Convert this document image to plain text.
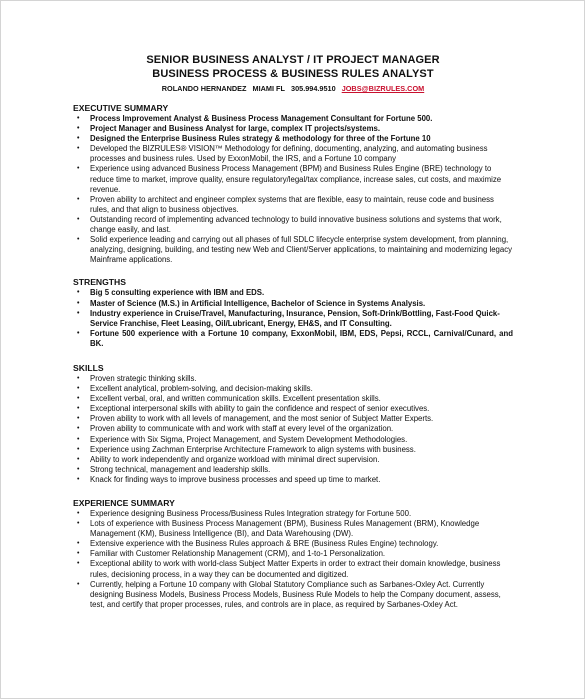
SENIOR BUSINESS ANALYST / IT PROJECT MANAGER
BUSINESS PROCESS & BUSINESS RULES ANALYST
ROLANDO HERNANDEZ MIAMI FL 305.994.9510 JOBS@BIZRULES.COM
EXECUTIVE SUMMARY
• Process Improvement Analyst & Business Process Management Consultant for Fortune 500.
• Project Manager and Business Analyst for large, complex IT projects/systems.
• Designed the Enterprise Business Rules strategy & methodology for three of the Fortune 10
• Developed the BIZRULES® VISION™ Methodology for defining, documenting, analyzing, and automating business processes and business rules. Used by ExxonMobil, the IRS, and a Fortune 10 company
• Experience using advanced Business Process Management (BPM) and Business Rules Engine (BRE) technology to reduce time to market, improve quality, ensure regulatory/legal/tax compliance, increase sales, cut costs, and maximize revenue.
• Proven ability to architect and engineer complex systems that are flexible, easy to maintain, reuse code and business rules, and that align to business objectives.
• Outstanding record of implementing advanced technology to build innovative business solutions and systems that work, change easily, and last.
• Solid experience leading and carrying out all phases of full SDLC lifecycle enterprise system development, from planning, analyzing, designing, building, and testing new Web and Client/Server applications, to maintaining and modernizing legacy Mainframe applications.
STRENGTHS
• Big 5 consulting experience with IBM and EDS.
• Master of Science (M.S.) in Artificial Intelligence, Bachelor of Science in Systems Analysis.
• Industry experience in Cruise/Travel, Manufacturing, Insurance, Pension, Soft-Drink/Bottling, Fast-Food Quick-Service Franchise, Fleet Leasing, Oil/Lubricant, Energy, EH&S, and IT Consulting.
• Fortune 500 experience with a Fortune 10 company, ExxonMobil, IBM, EDS, Pepsi, RCCL, Carnival/Cunard, and BK.
SKILLS
• Proven strategic thinking skills.
• Excellent analytical, problem-solving, and decision-making skills.
• Excellent verbal, oral, and written communication skills. Excellent presentation skills.
• Exceptional interpersonal skills with ability to gain the confidence and respect of senior executives.
• Proven ability to work with all levels of management, and the most senior of Subject Matter Experts.
• Proven ability to communicate with and work with staff at every level of the organization.
• Experience with Six Sigma, Project Management, and System Development Methodologies.
• Experience using Zachman Enterprise Architecture Framework to align systems with business.
• Ability to work independently and organize workload with minimal direct supervision.
• Strong technical, management and leadership skills.
• Knack for finding ways to improve business processes and speed up time to market.
EXPERIENCE SUMMARY
• Experience designing Business Process/Business Rules Integration strategy for Fortune 500.
• Lots of experience with Business Process Management (BPM), Business Rules Management (BRM), Knowledge Management (KM), Business Intelligence (BI), and Data Warehousing (DW).
• Extensive experience with the Business Rules approach & BRE (Business Rules Engine) technology.
• Familiar with Customer Relationship Management (CRM), and 1-to-1 Personalization.
• Exceptional ability to work with world-class Subject Matter Experts in order to extract their domain knowledge, business rules, decisioning process, in a way they can be documented and digitized.
• Currently, helping a Fortune 10 company with Global Statutory Compliance such as Sarbanes-Oxley Act. Currently designing Business Models, Business Process Models, Business Rule Models to help the Company document, assess, test, and certify that proper processes, rules, and controls are in place, as required by Sarbanes-Oxley Act.
